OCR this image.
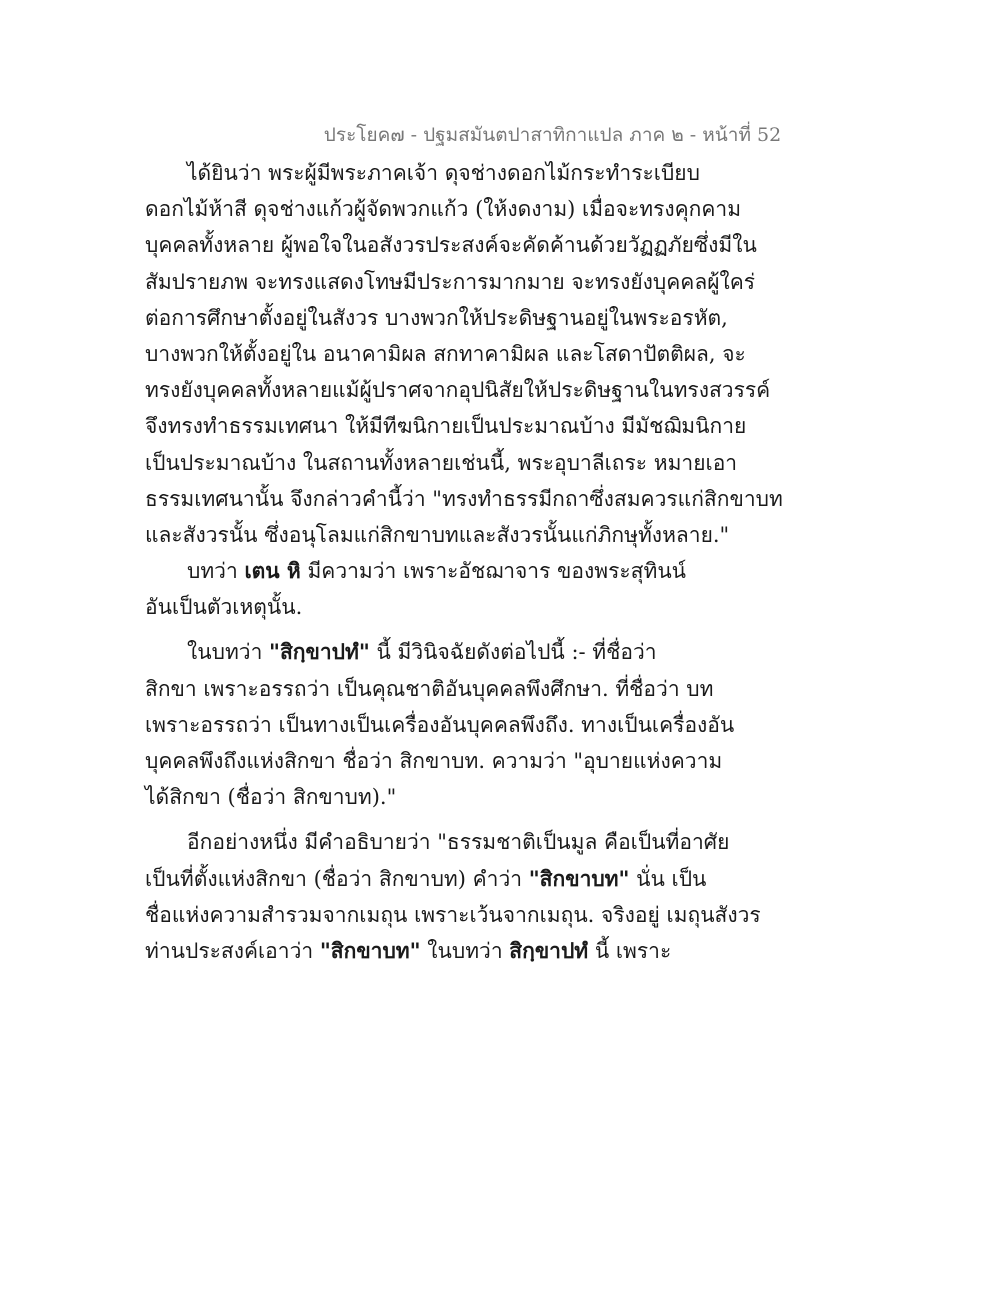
ประโยค๗ - ปฐมสมันตปาสาทิกาแปล ภาค ๒ - หน้าที่ 52
ได้ยินว่า พระผู้มีพระภาคเจ้า ดุจช่างดอกไม้กระทำระเบียบ
ดอกไม้ห้าสี ดุจช่างแก้วผู้จัดพวกแก้ว (ให้งดงาม) เมื่อจะทรงคุกคาม
บุคคลทั้งหลาย ผู้พอใจในอสังวรประสงค์จะคัดค้านด้วยวัฏฏภัยซึ่งมีใน
สัมปรายภพ จะทรงแสดงโทษมีประการมากมาย จะทรงยังบุคคลผู้ใคร่
ต่อการศึกษาตั้งอยู่ในสังวร บางพวกให้ประดิษฐานอยู่ในพระอรหัต,
บางพวกให้ตั้งอยู่ใน อนาคามิผล สกทาคามิผล และโสดาปัตติผล, จะ
ทรงยังบุคคลทั้งหลายแม้ผู้ปราศจากอุปนิสัยให้ประดิษฐานในทรงสวรรค์
จึงทรงทำธรรมเทศนา ให้มีทีฆนิกายเป็นประมาณบ้าง มีมัชฌิมนิกาย
เป็นประมาณบ้าง ในสถานทั้งหลายเช่นนี้, พระอุบาลีเถระ หมายเอา
ธรรมเทศนานั้น จึงกล่าวคำนี้ว่า "ทรงทำธรรมีกถาซึ่งสมควรแก่สิกขาบท
และสังวรนั้น ซึ่งอนุโลมแก่สิกขาบทและสังวรนั้นแก่ภิกษุทั้งหลาย."
บทว่า เตน หิ มีความว่า เพราะอัชฌาจาร ของพระสุทินน์
อันเป็นตัวเหตุนั้น.
ในบทว่า "สิกฺขาปทํ" นี้ มีวินิจฉัยดังต่อไปนี้ :- ที่ชื่อว่า
สิกขา เพราะอรรถว่า เป็นคุณชาติอันบุคคลพึงศึกษา. ที่ชื่อว่า บท
เพราะอรรถว่า เป็นทางเป็นเครื่องอันบุคคลพึงถึง. ทางเป็นเครื่องอัน
บุคคลพึงถึงแห่งสิกขา ชื่อว่า สิกขาบท. ความว่า "อุบายแห่งความ
ได้สิกขา (ชื่อว่า สิกขาบท)."
อีกอย่างหนึ่ง มีคำอธิบายว่า "ธรรมชาติเป็นมูล คือเป็นที่อาศัย
เป็นที่ตั้งแห่งสิกขา (ชื่อว่า สิกขาบท) คำว่า "สิกขาบท" นั่น เป็น
ชื่อแห่งความสำรวมจากเมถุน เพราะเว้นจากเมถุน. จริงอยู่ เมถุนสังวร
ท่านประสงค์เอาว่า "สิกขาบท" ในบทว่า สิกฺขาปทํ นี้ เพราะ
